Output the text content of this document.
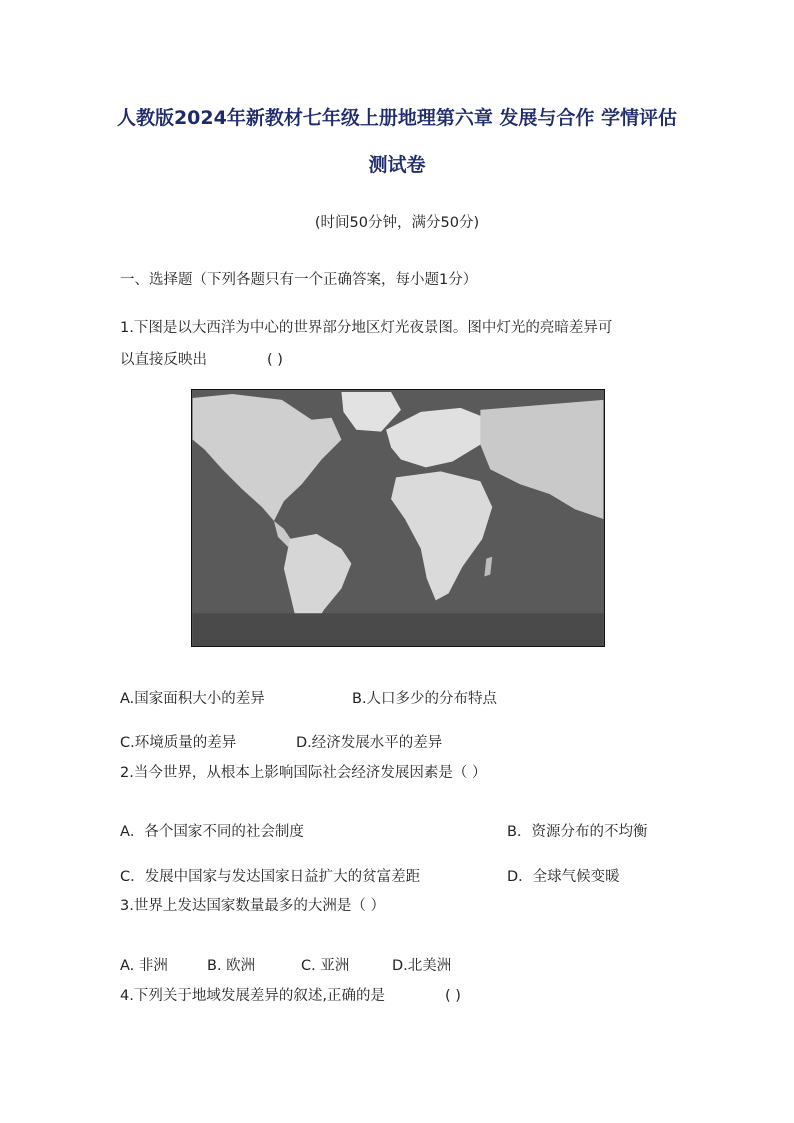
人教版2024年新教材七年级上册地理第六章 发展与合作 学情评估
测试卷

(时间50分钟，满分50分)

一、选择题（下列各题只有一个正确答案，每小题1分）

1.下图是以大西洋为中心的世界部分地区灯光夜景图。图中灯光的亮暗差异可

以直接反映出	( )

A.国家面积大小的差异	B.人口多少的分布特点

C.环境质量的差异	D.经济发展水平的差异

2.当今世界，从根本上影响国际社会经济发展因素是（ ）

A．各个国家不同的社会制度	B．资源分布的不均衡

C．发展中国家与发达国家日益扩大的贫富差距	D．全球气候变暖

3.世界上发达国家数量最多的大洲是（ ）

A. 非洲	B. 欧洲	C. 亚洲	D.北美洲

4.下列关于地域发展差异的叙述,正确的是	( )
